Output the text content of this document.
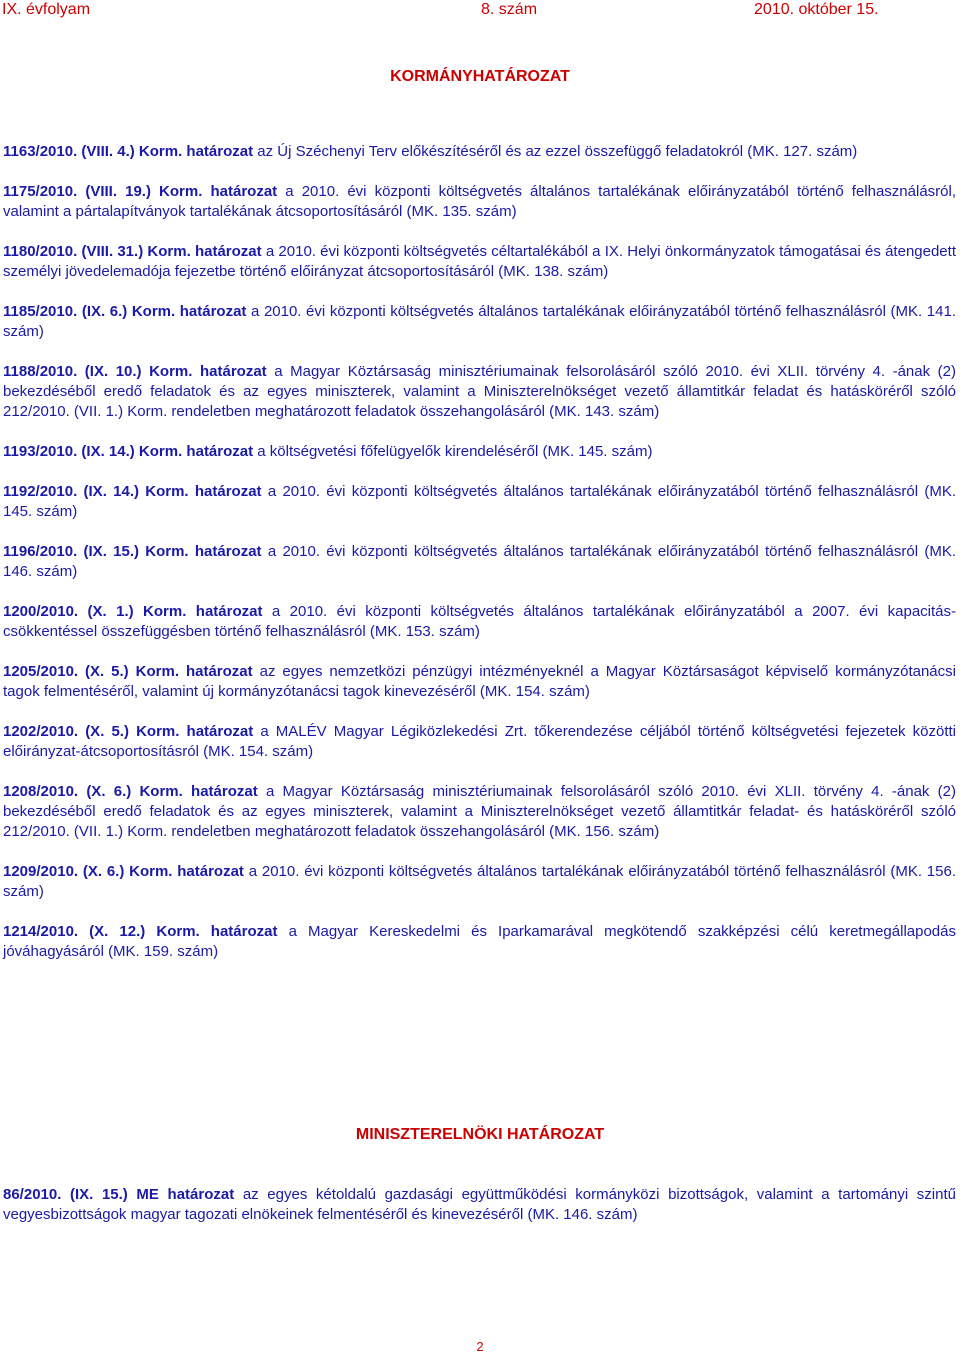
IX. évfolyam	8. szám	2010. október 15.
KORMÁNYHATÁROZAT

1163/2010. (VIII. 4.) Korm. határozat az Új Széchenyi Terv előkészítéséről és az ezzel összefüggő feladatokról (MK. 127. szám)

1175/2010. (VIII. 19.) Korm. határozat a 2010. évi központi költségvetés általános tartalékának előirányzatából történő felhasználásról, valamint a pártalapítványok tartalékának átcsoportosításáról (MK. 135. szám)

1180/2010. (VIII. 31.) Korm. határozat a 2010. évi központi költségvetés céltartalékából a IX. Helyi önkormányzatok támogatásai és átengedett személyi jövedelemadója fejezetbe történő előirányzat átcsoportosításáról (MK. 138. szám)

1185/2010. (IX. 6.) Korm. határozat a 2010. évi központi költségvetés általános tartalékának előirányzatából történő felhasználásról (MK. 141. szám)

1188/2010. (IX. 10.) Korm. határozat a Magyar Köztársaság minisztériumainak felsorolásáról szóló 2010. évi XLII. törvény 4. -ának (2) bekezdéséből eredő feladatok és az egyes miniszterek, valamint a Miniszterelnökséget vezető államtitkár feladat és hatásköréről szóló 212/2010. (VII. 1.) Korm. rendeletben meghatározott feladatok összehangolásáról (MK. 143. szám)

1193/2010. (IX. 14.) Korm. határozat a költségvetési főfelügyelők kirendeléséről (MK. 145. szám)

1192/2010. (IX. 14.) Korm. határozat a 2010. évi központi költségvetés általános tartalékának előirányzatából történő felhasználásról (MK. 145. szám)

1196/2010. (IX. 15.) Korm. határozat a 2010. évi központi költségvetés általános tartalékának előirányzatából történő felhasználásról (MK. 146. szám)

1200/2010. (X. 1.) Korm. határozat a 2010. évi központi költségvetés általános tartalékának előirányzatából a 2007. évi kapacitás-csökkentéssel összefüggésben történő felhasználásról (MK. 153. szám)

1205/2010. (X. 5.) Korm. határozat az egyes nemzetközi pénzügyi intézményeknél a Magyar Köztársaságot képviselő kormányzótanácsi tagok felmentéséről, valamint új kormányzótanácsi tagok kinevezéséről (MK. 154. szám)

1202/2010. (X. 5.) Korm. határozat a MALÉV Magyar Légiközlekedési Zrt. tőkerendezése céljából történő költségvetési fejezetek közötti előirányzat-átcsoportosításról (MK. 154. szám)

1208/2010. (X. 6.) Korm. határozat a Magyar Köztársaság minisztériumainak felsorolásáról szóló 2010. évi XLII. törvény 4. -ának (2) bekezdéséből eredő feladatok és az egyes miniszterek, valamint a Miniszterelnökséget vezető államtitkár feladat- és hatásköréről szóló 212/2010. (VII. 1.) Korm. rendeletben meghatározott feladatok összehangolásáról (MK. 156. szám)

1209/2010. (X. 6.) Korm. határozat a 2010. évi központi költségvetés általános tartalékának előirányzatából történő felhasználásról (MK. 156. szám)

1214/2010. (X. 12.) Korm. határozat a Magyar Kereskedelmi és Iparkamarával megkötendő szakképzési célú keretmegállapodás jóváhagyásáról (MK. 159. szám)

MINISZTERELNÖKI HATÁROZAT

86/2010. (IX. 15.) ME határozat az egyes kétoldalú gazdasági együttműködési kormányközi bizottságok, valamint a tartományi szintű vegyesbizottságok magyar tagozati elnökeinek felmentéséről és kinevezéséről (MK. 146. szám)

2
